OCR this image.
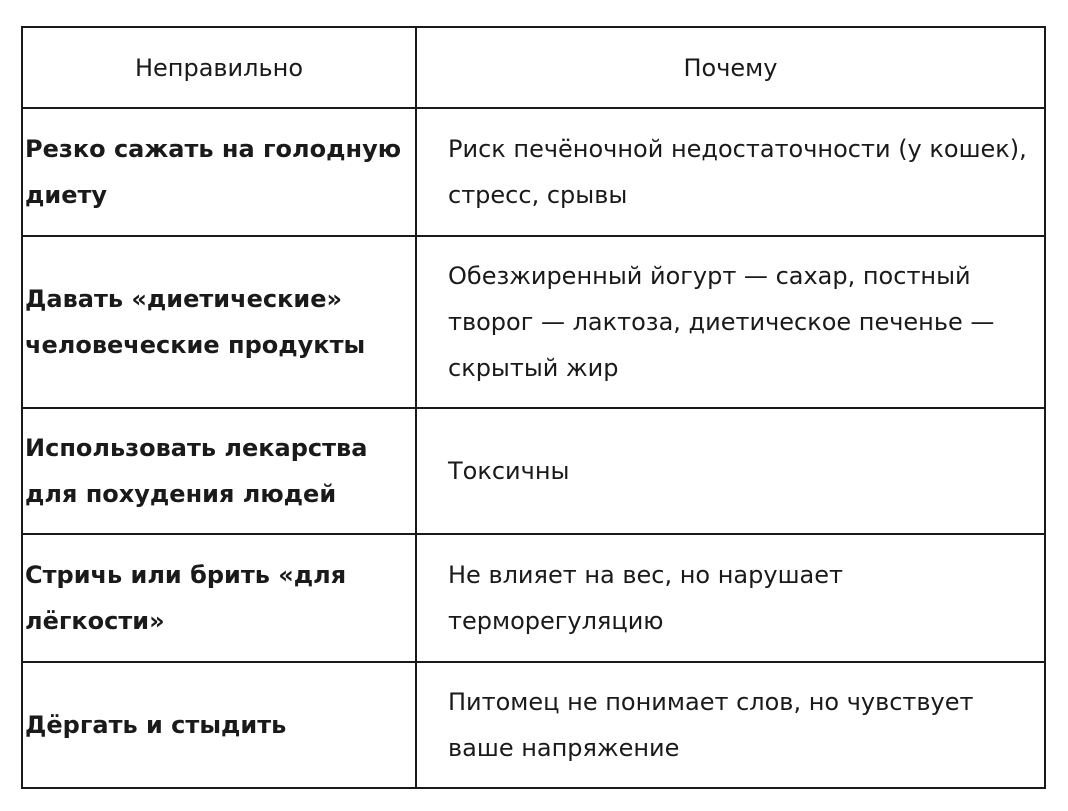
Неправильно	Почему
Резко сажать на голодную диету	Риск печёночной недостаточности (у кошек), стресс, срывы
Давать «диетические» человеческие продукты	Обезжиренный йогурт — сахар, постный творог — лактоза, диетическое печенье — скрытый жир
Использовать лекарства для похудения людей	Токсичны
Стричь или брить «для лёгкости»	Не влияет на вес, но нарушает терморегуляцию
Дёргать и стыдить	Питомец не понимает слов, но чувствует ваше напряжение
